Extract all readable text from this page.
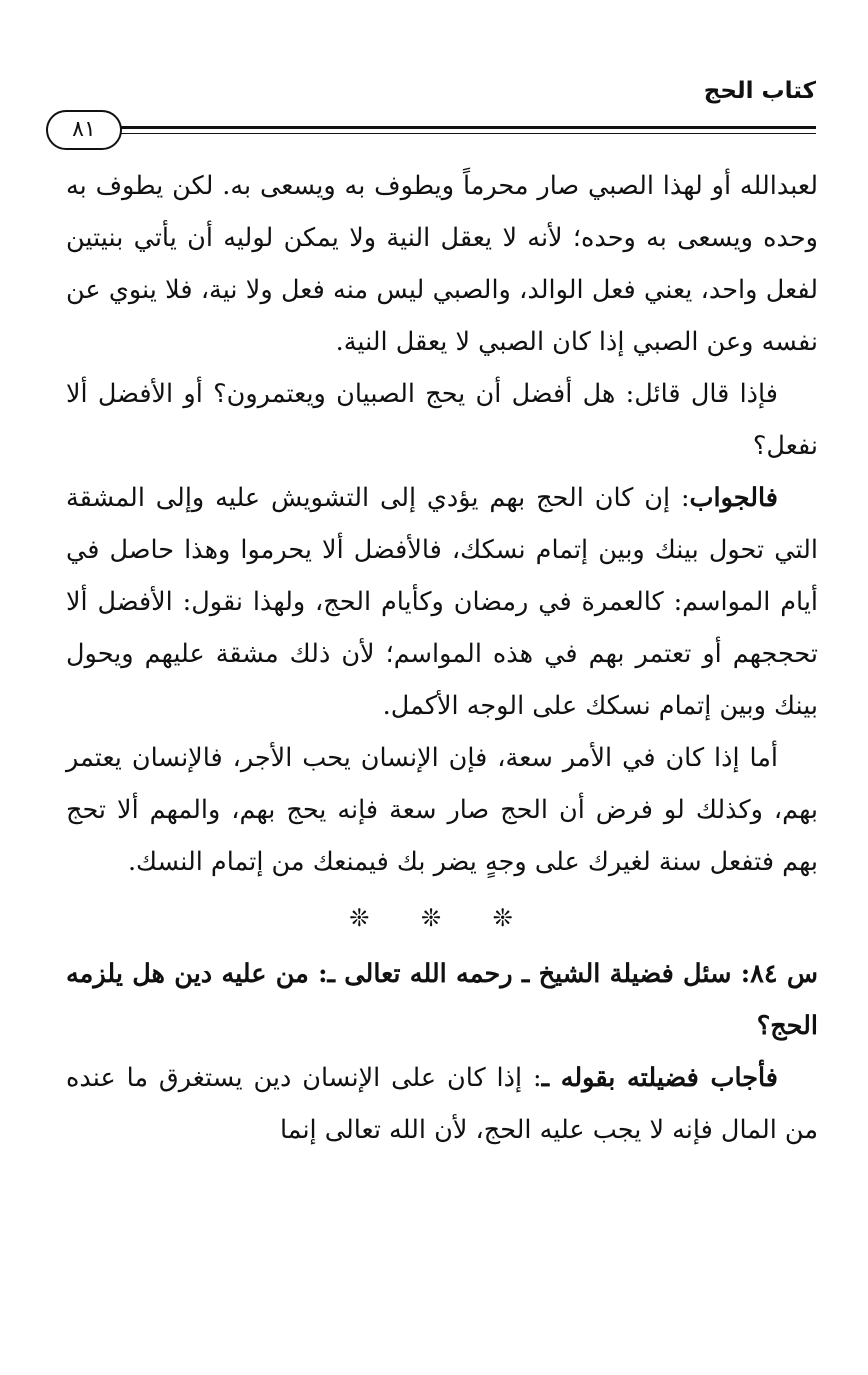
كتاب الحج
٨١

لعبدالله أو لهذا الصبي صار محرماً ويطوف به ويسعى به. لكن يطوف به وحده ويسعى به وحده؛ لأنه لا يعقل النية ولا يمكن لوليه أن يأتي بنيتين لفعل واحد، يعني فعل الوالد، والصبي ليس منه فعل ولا نية، فلا ينوي عن نفسه وعن الصبي إذا كان الصبي لا يعقل النية.

فإذا قال قائل: هل أفضل أن يحج الصبيان ويعتمرون؟ أو الأفضل ألا نفعل؟

فالجواب: إن كان الحج بهم يؤدي إلى التشويش عليه وإلى المشقة التي تحول بينك وبين إتمام نسكك، فالأفضل ألا يحرموا وهذا حاصل في أيام المواسم: كالعمرة في رمضان وكأيام الحج، ولهذا نقول: الأفضل ألا تحججهم أو تعتمر بهم في هذه المواسم؛ لأن ذلك مشقة عليهم ويحول بينك وبين إتمام نسكك على الوجه الأكمل.

أما إذا كان في الأمر سعة، فإن الإنسان يحب الأجر، فالإنسان يعتمر بهم، وكذلك لو فرض أن الحج صار سعة فإنه يحج بهم، والمهم ألا تحج بهم فتفعل سنة لغيرك على وجهٍ يضر بك فيمنعك من إتمام النسك.

❊ ❊ ❊

س ٨٤: سئل فضيلة الشيخ ـ رحمه الله تعالى ـ: من عليه دين هل يلزمه الحج؟

فأجاب فضيلته بقوله ـ: إذا كان على الإنسان دين يستغرق ما عنده من المال فإنه لا يجب عليه الحج، لأن الله تعالى إنما
